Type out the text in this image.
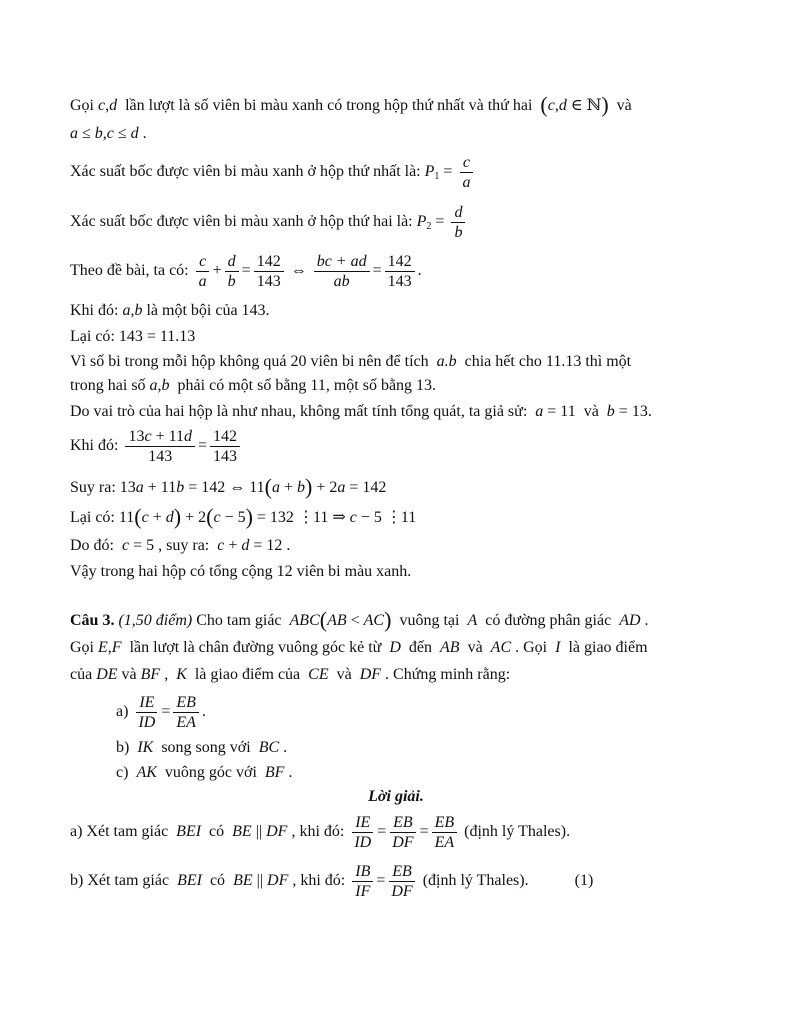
Gọi c,d  lần lượt là số viên bi màu xanh có trong hộp thứ nhất và thứ hai  (c,d ∈ ℕ)  và
a ≤ b,c ≤ d .
Xác suất bốc được viên bi màu xanh ở hộp thứ nhất là: $P_1 = \frac{c}{a}$
Xác suất bốc được viên bi màu xanh ở hộp thứ hai là: $P_2 = \frac{d}{b}$
Theo đề bài, ta có: $\frac{c}{a} + \frac{d}{b} = \frac{142}{143}$ ⇔ $\frac{bc + ad}{ab} = \frac{142}{143}$ .
Khi đó: a,b là một bội của 143.
Lại có: 143 = 11.13
Vì số bi trong mỗi hộp không quá 20 viên bi nên để tích  a.b  chia hết cho 11.13 thì một
trong hai số a,b  phải có một số bằng 11, một số bằng 13.
Do vai trò của hai hộp là như nhau, không mất tính tổng quát, ta giả sử:  a = 11  và  b = 13.
Khi đó: $\frac{13c + 11d}{143} = \frac{142}{143}$
Suy ra: 13a + 11b = 142 ⇔ 11(a + b) + 2a = 142
Lại có: 11(c + d) + 2(c − 5) = 132 ⋮11 ⇒ c − 5 ⋮11
Do đó:  c = 5 , suy ra:  c + d = 12 .
Vậy trong hai hộp có tổng cộng 12 viên bi màu xanh.
Câu 3. (1,50 điểm) Cho tam giác  ABC(AB < AC)  vuông tại  A  có đường phân giác  AD .
Gọi E,F  lần lượt là chân đường vuông góc kẻ từ  D  đến  AB  và  AC . Gọi  I  là giao điểm
của DE và BF ,  K  là giao điểm của  CE  và  DF . Chứng minh rằng:
$a) \frac{IE}{ID} = \frac{EB}{EA}$ .
b)  IK  song song với  BC .
c)  AK  vuông góc với  BF .
Lời giải.
a) Xét tam giác  BEI  có  BE || DF , khi đó: $\frac{IE}{ID} = \frac{EB}{DF} = \frac{EB}{EA}$ (định lý Thales).
b) Xét tam giác  BEI  có  BE || DF , khi đó: $\frac{IB}{IF} = \frac{EB}{DF}$ (định lý Thales).	(1)
